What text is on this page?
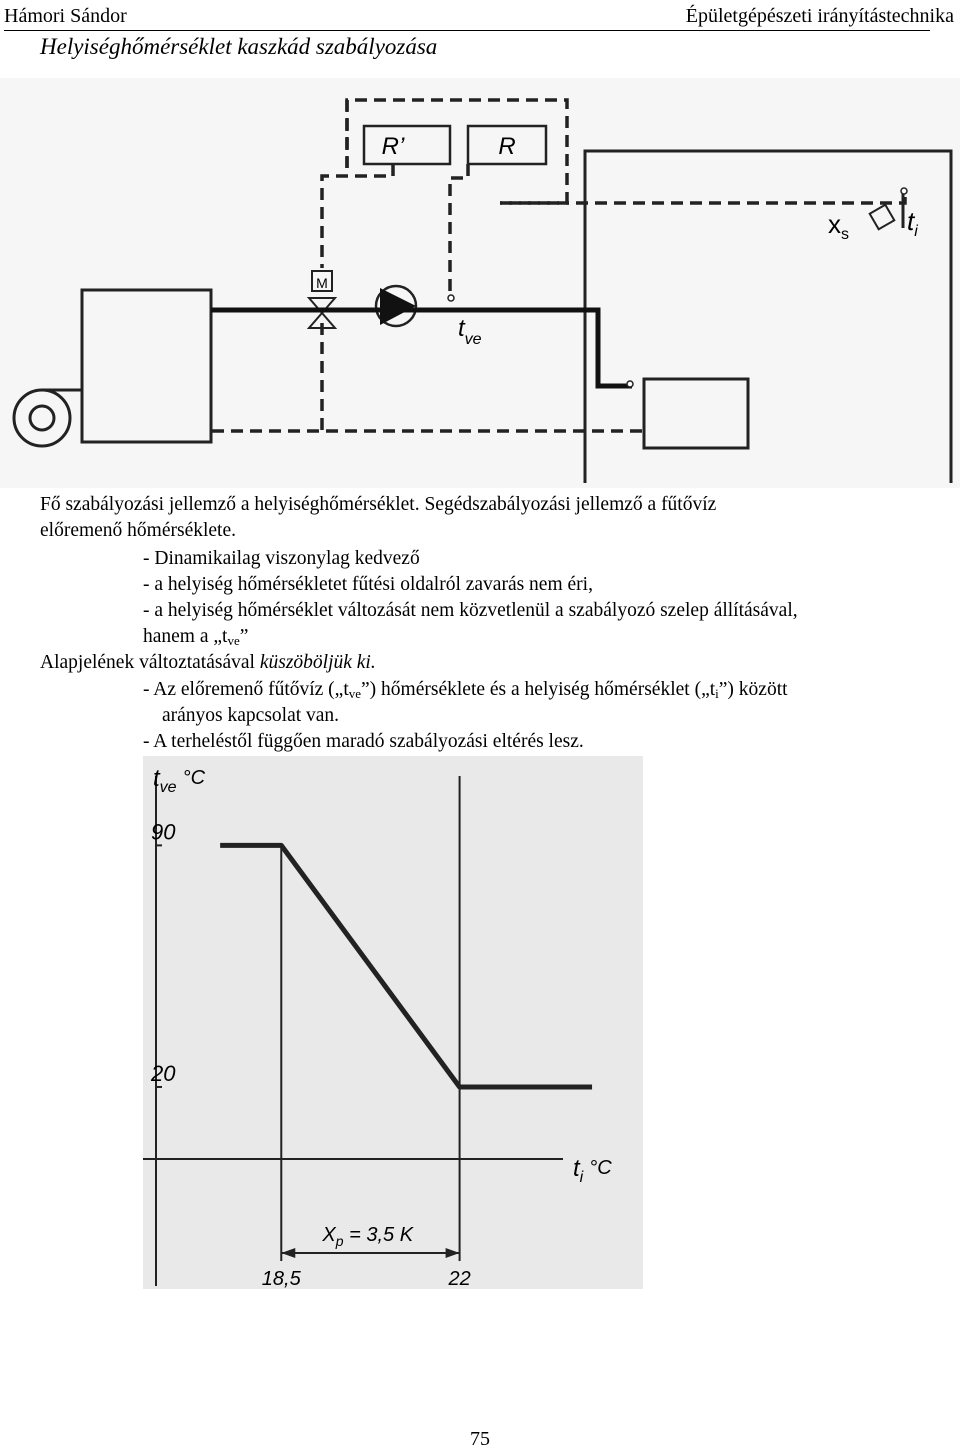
Hámori Sándor	Épületgépészeti irányítástechnika
Helyiséghőmérséklet kaszkád szabályozása
R’	R
M
$x_s$ $t_i$
$t_{ve}$
Fő szabályozási jellemző a helyiséghőmérséklet. Segédszabályozási jellemző a fűtővíz
előremenő hőmérséklete.
- Dinamikailag viszonylag kedvező
- a helyiség hőmérsékletet fűtési oldalról zavarás nem éri,
- a helyiség hőmérséklet változását nem közvetlenül a szabályozó szelep állításával,
hanem a $„t_{ve}$”
Alapjelének változtatásával küszöböljük ki.
- Az előremenő fűtővíz $(„t_{ve}”)$ hőmérséklete és a helyiség hőmérséklet $(„t_i”)$ között
arányos kapcsolat van.
- A terheléstől függően maradó szabályozási eltérés lesz.
90
20
18,5	22
$t_{ve}$ $^{^\circ C}$
$t_i$ $^{^\circ C}$
$X_p = 3,5$ K
75
